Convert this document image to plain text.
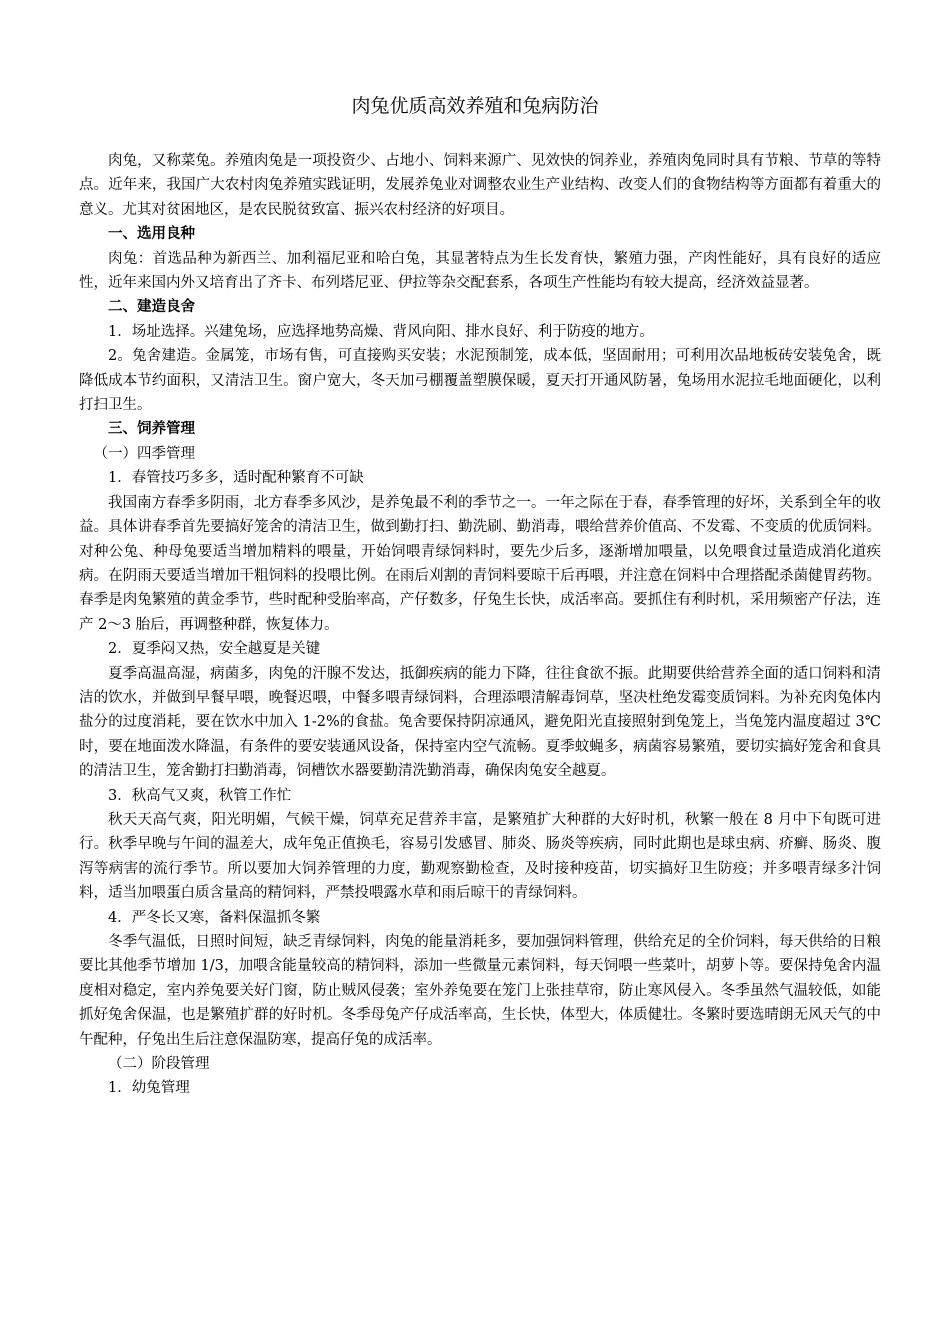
肉兔优质高效养殖和兔病防治

肉兔，又称菜兔。养殖肉兔是一项投资少、占地小、饲料来源广、见效快的饲养业，养殖肉兔同时具有节粮、节草的等特点。近年来，我国广大农村肉兔养殖实践证明，发展养兔业对调整农业生产业结构、改变人们的食物结构等方面都有着重大的意义。尤其对贫困地区，是农民脱贫致富、振兴农村经济的好项目。

一、选用良种

肉兔：首选品种为新西兰、加利福尼亚和哈白兔，其显著特点为生长发育快，繁殖力强，产肉性能好，具有良好的适应性，近年来国内外又培育出了齐卡、布列塔尼亚、伊拉等杂交配套系，各项生产性能均有较大提高，经济效益显著。

二、建造良舍

1．场址选择。兴建兔场，应选择地势高燥、背风向阳、排水良好、利于防疫的地方。

2。兔舍建造。金属笼，市场有售，可直接购买安装；水泥预制笼，成本低，坚固耐用；可利用次品地板砖安装兔舍，既降低成本节约面积，又清洁卫生。窗户宽大，冬天加弓棚覆盖塑膜保暖，夏天打开通风防暑，兔场用水泥拉毛地面硬化，以利打扫卫生。

三、饲养管理

（一）四季管理

1．春管技巧多多，适时配种繁育不可缺

我国南方春季多阴雨，北方春季多风沙，是养兔最不利的季节之一。一年之际在于春，春季管理的好坏，关系到全年的收益。具体讲春季首先要搞好笼舍的清洁卫生，做到勤打扫、勤洗刷、勤消毒，喂给营养价值高、不发霉、不变质的优质饲料。对种公兔、种母兔要适当增加精料的喂量，开始饲喂青绿饲料时，要先少后多，逐渐增加喂量，以免喂食过量造成消化道疾病。在阴雨天要适当增加干粗饲料的投喂比例。在雨后刈割的青饲料要晾干后再喂，并注意在饲料中合理搭配杀菌健胃药物。春季是肉兔繁殖的黄金季节，些时配种受胎率高，产仔数多，仔兔生长快，成活率高。要抓住有利时机，采用频密产仔法，连产 2～3 胎后，再调整种群，恢复体力。

2．夏季闷又热，安全越夏是关键

夏季高温高湿，病菌多，肉兔的汗腺不发达，抵御疾病的能力下降，往往食欲不振。此期要供给营养全面的适口饲料和清洁的饮水，并做到早餐早喂，晚餐迟喂，中餐多喂青绿饲料，合理添喂清解毒饲草，坚决杜绝发霉变质饲料。为补充肉兔体内盐分的过度消耗，要在饮水中加入 1-2%的食盐。兔舍要保持阴凉通风，避免阳光直接照射到兔笼上，当兔笼内温度超过 3℃时，要在地面泼水降温，有条件的要安装通风设备，保持室内空气流畅。夏季蚊蝇多，病菌容易繁殖，要切实搞好笼舍和食具的清洁卫生，笼舍勤打扫勤消毒，饲槽饮水器要勤清洗勤消毒，确保肉兔安全越夏。

3．秋高气又爽，秋管工作忙

秋天天高气爽，阳光明媚，气候干燥，饲草充足营养丰富，是繁殖扩大种群的大好时机，秋繁一般在 8 月中下旬既可进行。秋季早晚与午间的温差大，成年兔正值换毛，容易引发感冒、肺炎、肠炎等疾病，同时此期也是球虫病、疥癣、肠炎、腹泻等病害的流行季节。所以要加大饲养管理的力度，勤观察勤检查，及时接种疫苗，切实搞好卫生防疫；并多喂青绿多汁饲料，适当加喂蛋白质含量高的精饲料，严禁投喂露水草和雨后晾干的青绿饲料。

4．严冬长又寒，备料保温抓冬繁

冬季气温低，日照时间短，缺乏青绿饲料，肉兔的能量消耗多，要加强饲料管理，供给充足的全价饲料，每天供给的日粮要比其他季节增加 1/3，加喂含能量较高的精饲料，添加一些微量元素饲料，每天饲喂一些菜叶，胡萝卜等。要保持兔舍内温度相对稳定，室内养兔要关好门窗，防止贼风侵袭；室外养兔要在笼门上张挂草帘，防止寒风侵入。冬季虽然气温较低，如能抓好兔舍保温，也是繁殖扩群的好时机。冬季母兔产仔成活率高，生长快，体型大，体质健壮。冬繁时要选晴朗无风天气的中午配种，仔兔出生后注意保温防寒，提高仔兔的成活率。

（二）阶段管理

1．幼兔管理
